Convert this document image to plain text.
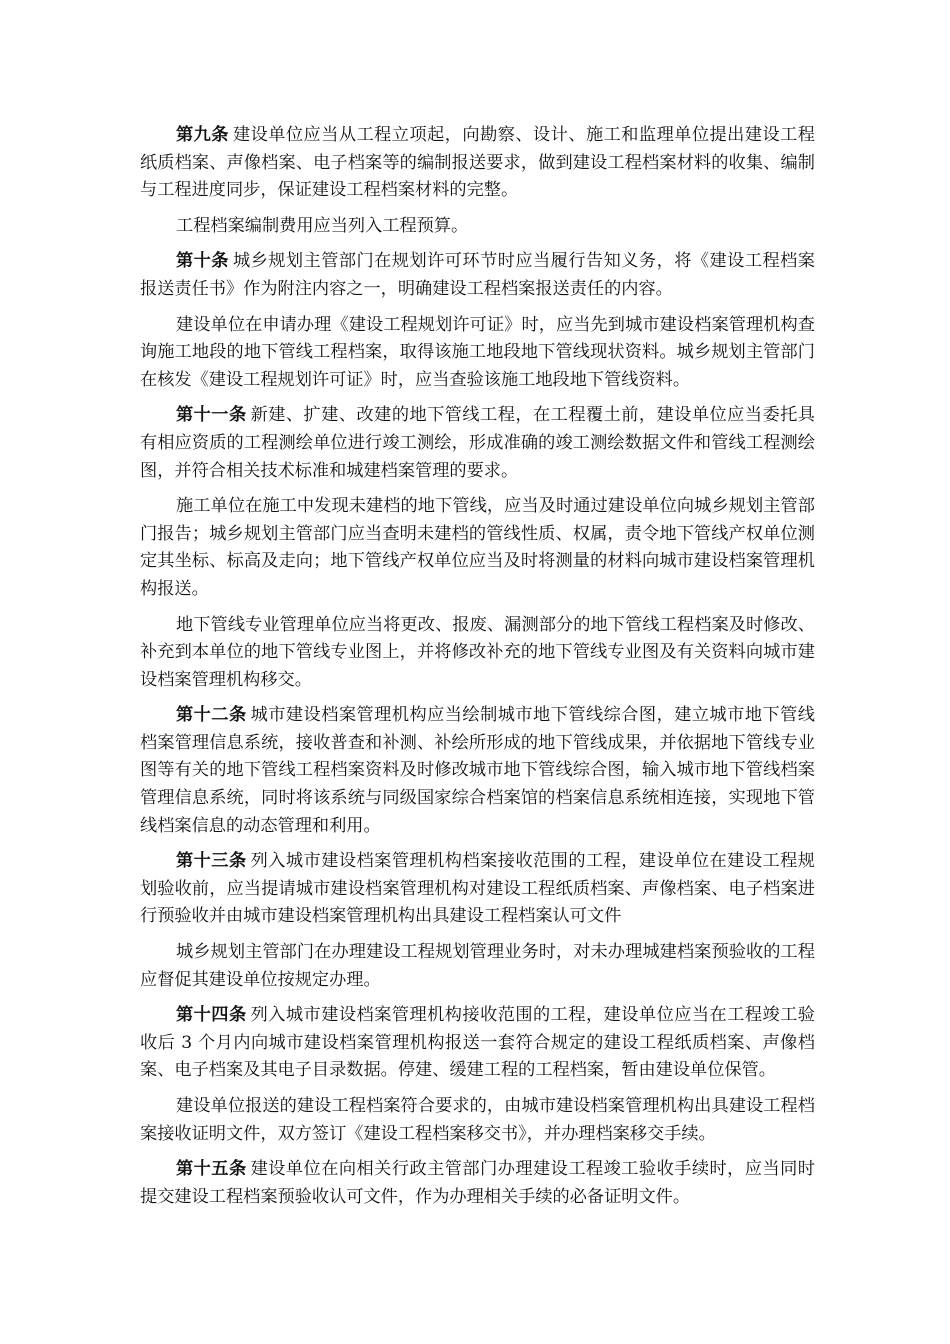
第九条 建设单位应当从工程立项起，向勘察、设计、施工和监理单位提出建设工程纸质档案、声像档案、电子档案等的编制报送要求，做到建设工程档案材料的收集、编制与工程进度同步，保证建设工程档案材料的完整。

工程档案编制费用应当列入工程预算。

第十条 城乡规划主管部门在规划许可环节时应当履行告知义务，将《建设工程档案报送责任书》作为附注内容之一，明确建设工程档案报送责任的内容。

建设单位在申请办理《建设工程规划许可证》时，应当先到城市建设档案管理机构查询施工地段的地下管线工程档案，取得该施工地段地下管线现状资料。城乡规划主管部门在核发《建设工程规划许可证》时，应当查验该施工地段地下管线资料。

第十一条 新建、扩建、改建的地下管线工程，在工程覆土前，建设单位应当委托具有相应资质的工程测绘单位进行竣工测绘，形成准确的竣工测绘数据文件和管线工程测绘图，并符合相关技术标准和城建档案管理的要求。

施工单位在施工中发现未建档的地下管线，应当及时通过建设单位向城乡规划主管部门报告；城乡规划主管部门应当查明未建档的管线性质、权属，责令地下管线产权单位测定其坐标、标高及走向；地下管线产权单位应当及时将测量的材料向城市建设档案管理机构报送。

地下管线专业管理单位应当将更改、报废、漏测部分的地下管线工程档案及时修改、补充到本单位的地下管线专业图上，并将修改补充的地下管线专业图及有关资料向城市建设档案管理机构移交。

第十二条 城市建设档案管理机构应当绘制城市地下管线综合图，建立城市地下管线档案管理信息系统，接收普查和补测、补绘所形成的地下管线成果，并依据地下管线专业图等有关的地下管线工程档案资料及时修改城市地下管线综合图，输入城市地下管线档案管理信息系统，同时将该系统与同级国家综合档案馆的档案信息系统相连接，实现地下管线档案信息的动态管理和利用。

第十三条 列入城市建设档案管理机构档案接收范围的工程，建设单位在建设工程规划验收前，应当提请城市建设档案管理机构对建设工程纸质档案、声像档案、电子档案进行预验收并由城市建设档案管理机构出具建设工程档案认可文件

城乡规划主管部门在办理建设工程规划管理业务时，对未办理城建档案预验收的工程应督促其建设单位按规定办理。

第十四条 列入城市建设档案管理机构接收范围的工程，建设单位应当在工程竣工验收后 3 个月内向城市建设档案管理机构报送一套符合规定的建设工程纸质档案、声像档案、电子档案及其电子目录数据。停建、缓建工程的工程档案，暂由建设单位保管。

建设单位报送的建设工程档案符合要求的，由城市建设档案管理机构出具建设工程档案接收证明文件，双方签订《建设工程档案移交书》，并办理档案移交手续。

第十五条 建设单位在向相关行政主管部门办理建设工程竣工验收手续时，应当同时提交建设工程档案预验收认可文件，作为办理相关手续的必备证明文件。
